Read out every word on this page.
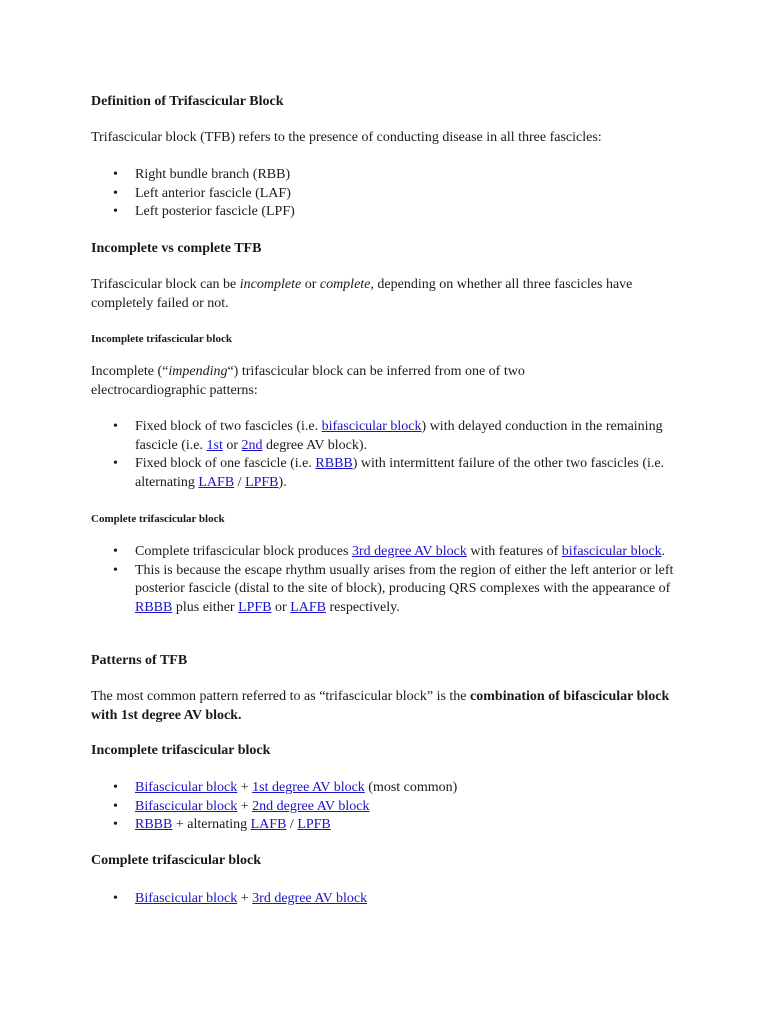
Definition of Trifascicular Block
Trifascicular block (TFB) refers to the presence of conducting disease in all three fascicles:
• Right bundle branch (RBB)
• Left anterior fascicle (LAF)
• Left posterior fascicle (LPF)
Incomplete vs complete TFB
Trifascicular block can be incomplete or complete, depending on whether all three fascicles have completely failed or not.
Incomplete trifascicular block
Incomplete (“impending“) trifascicular block can be inferred from one of two electrocardiographic patterns:
• Fixed block of two fascicles (i.e. bifascicular block) with delayed conduction in the remaining fascicle (i.e. 1st or 2nd degree AV block).
• Fixed block of one fascicle (i.e. RBBB) with intermittent failure of the other two fascicles (i.e. alternating LAFB / LPFB).
Complete trifascicular block
• Complete trifascicular block produces 3rd degree AV block with features of bifascicular block.
• This is because the escape rhythm usually arises from the region of either the left anterior or left posterior fascicle (distal to the site of block), producing QRS complexes with the appearance of RBBB plus either LPFB or LAFB respectively.
Patterns of TFB
The most common pattern referred to as “trifascicular block” is the combination of bifascicular block with 1st degree AV block.
Incomplete trifascicular block
• Bifascicular block + 1st degree AV block (most common)
• Bifascicular block + 2nd degree AV block
• RBBB + alternating LAFB / LPFB
Complete trifascicular block
• Bifascicular block + 3rd degree AV block
